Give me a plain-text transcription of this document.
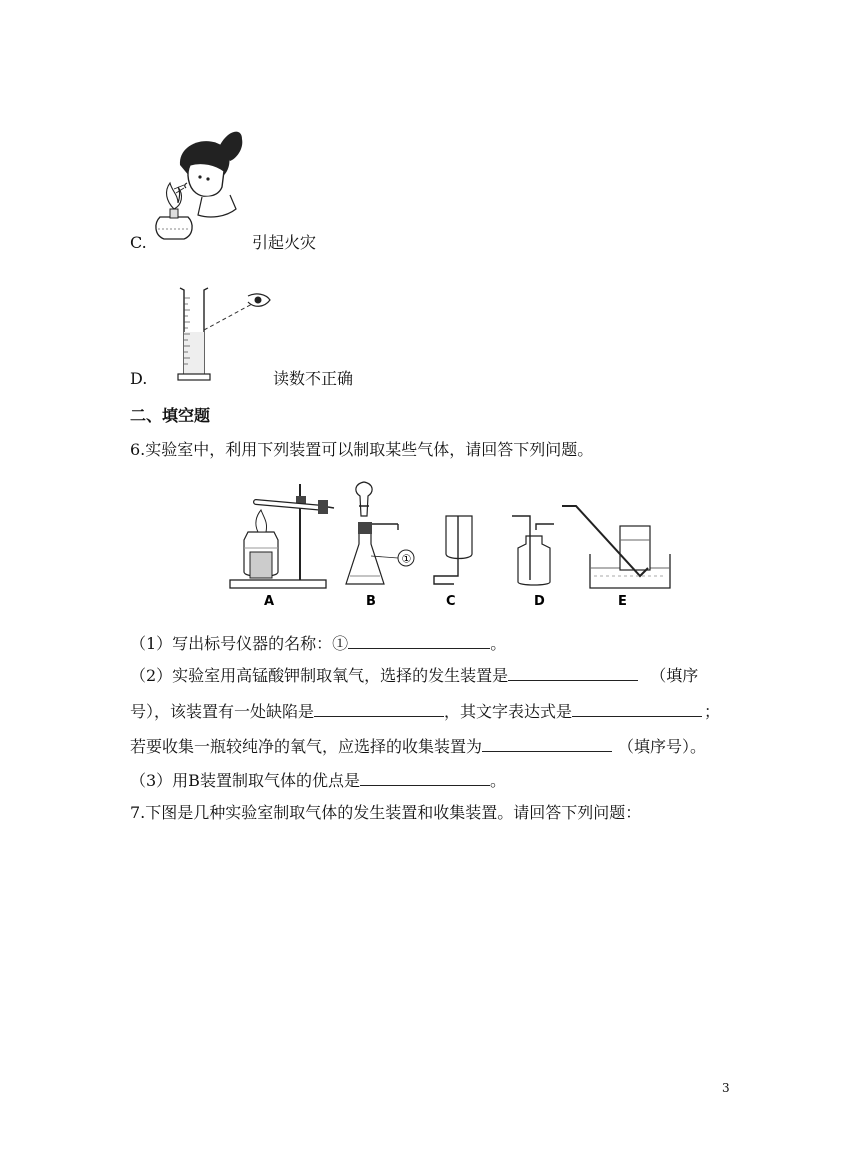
C.	引起火灾
D.	读数不正确
二、填空题
6.实验室中，利用下列装置可以制取某些气体，请回答下列问题。
①
A	B	C	D	E
（1）写出标号仪器的名称：①	。
（2）实验室用高锰酸钾制取氧气，选择的发生装置是	（填序
号），该装置有一处缺陷是	，其文字表达式是	；
若要收集一瓶较纯净的氧气，应选择的收集装置为	（填序号）。
（3）用B装置制取气体的优点是	。
7.下图是几种实验室制取气体的发生装置和收集装置。请回答下列问题：
3
